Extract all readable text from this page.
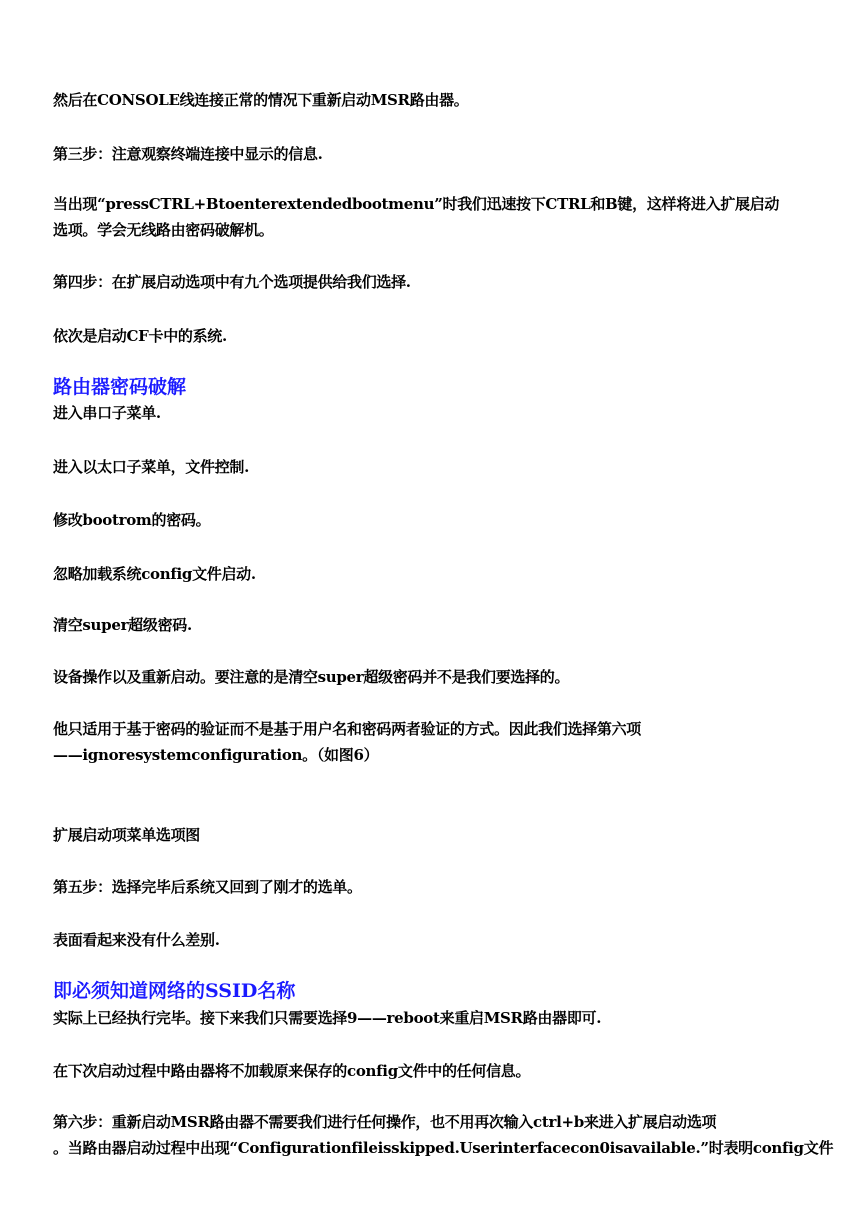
然后在CONSOLE线连接正常的情况下重新启动MSR路由器。
第三步：注意观察终端连接中显示的信息.
当出现“pressCTRL+Btoenterextendedbootmenu”时我们迅速按下CTRL和B键，这样将进入扩展启动
选项。学会无线路由密码破解机。
第四步：在扩展启动选项中有九个选项提供给我们选择.
依次是启动CF卡中的系统.
路由器密码破解
进入串口子菜单.
进入以太口子菜单，文件控制.
修改bootrom的密码。
忽略加载系统config文件启动.
清空super超级密码.
设备操作以及重新启动。要注意的是清空super超级密码并不是我们要选择的。
他只适用于基于密码的验证而不是基于用户名和密码两者验证的方式。因此我们选择第六项
——ignoresystemconfiguration。（如图6）
扩展启动项菜单选项图
第五步：选择完毕后系统又回到了刚才的选单。
表面看起来没有什么差别.
即必须知道网络的SSID名称
实际上已经执行完毕。接下来我们只需要选择9——reboot来重启MSR路由器即可.
在下次启动过程中路由器将不加载原来保存的config文件中的任何信息。
第六步：重新启动MSR路由器不需要我们进行任何操作，也不用再次输入ctrl+b来进入扩展启动选项
。当路由器启动过程中出现“Configurationfileisskipped.Userinterfacecon0isavailable.”时表明config文件
